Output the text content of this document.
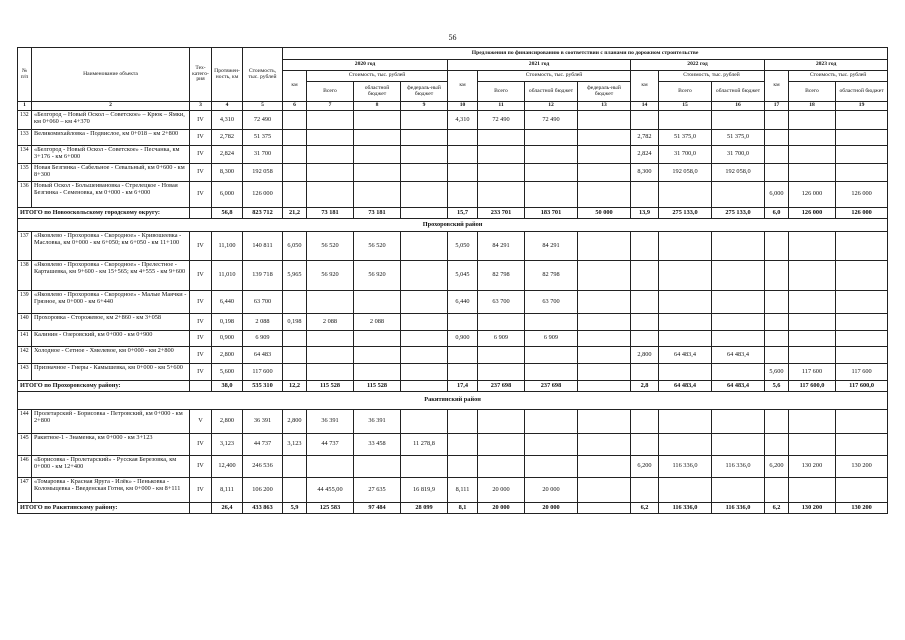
56
№ п/п	Наименование объекта	Тех-катего-рия	Протяжен-ность, км	Стоимость, тыс. рублей	Предложения по финансированию в соответствии с планами по дорожном строительстве													
					2020 год				2021 год				2022 год			2023 год		
					км	Стоимость, тыс. рублей			км	Стоимость, тыс. рублей			км	Стоимость, тыс. рублей		км	Стоимость, тыс. рублей	
						Всего	областной бюджет	федераль-ный бюджет		Всего	областной бюджет	федераль-ный бюджет		Всего	областной бюджет		Всего	областной бюджет
1	2	3	4	5	6	7	8	9	10	11	12	13	14	15	16	17	18	19
132	«Белгород – Новый Оскол – Советское» – Крюк – Ямки, км 0+060 – км 4+370	IV	4,310	72 490					4,310	72 490	72 490							
133	Великомихайловка - Подвислое, км 0+018 – км 2+800	IV	2,782	51 375									2,782	51 375,0	51 375,0			
134	«Белгород - Новый Оскол - Советское» - Песчанка, км 3+176 - км 6+000	IV	2,824	31 700									2,824	31 700,0	31 700,0			
135	Новая Безгинка - Сабельное - Севальный, км 0+600 - км 8+300	IV	8,300	192 058									8,300	192 058,0	192 058,0			
136	Новый Оскол - Большеивановка - Стрелецкое - Новая Безгинка - Семеновка, км 0+000 - км 6+000	IV	6,000	126 000												6,000	126 000	126 000
ИТОГО по Новооскольскому городскому округу:			56,8	823 712	21,2	73 181	73 181		15,7	233 701	183 701	50 000	13,9	275 133,0	275 133,0	6,0	126 000	126 000
Прохоровский район																		
137	«Яковлево - Прохоровка - Скородное» - Кривошеевка - Масловка, км 0+000 - км 6+050; км 6+050 - км 11+100	IV	11,100	140 811	6,050	56 520	56 520		5,050	84 291	84 291							
138	«Яковлево - Прохоровка - Скородное» - Прелестное - Карташевка, км 9+600 - км 15+565; км 4+555 - км 9+600	IV	11,010	139 718	5,965	56 920	56 920		5,045	82 798	82 798							
139	«Яковлево - Прохоровка - Скородное» - Малые Маячки - Грязное, км 0+000 - км 6+440	IV	6,440	63 700					6,440	63 700	63 700							
140	Прохоровка - Сторожевое, км 2+860 - км 3+058	IV	0,198	2 088	0,198	2 088	2 088											
141	Калинин - Озеровский, км 0+000 - км 0+900	IV	0,900	6 909					0,900	6 909	6 909							
142	Холодное - Сетное - Хмелевое, км 0+000 - км 2+800	IV	2,800	64 483									2,800	64 483,4	64 483,4			
143	Призначное - Гнеры - Камышевка, км 0+000 - км 5+600	IV	5,600	117 600												5,600	117 600	117 600
ИТОГО по Прохоровскому району:			38,0	535 310	12,2	115 528	115 528		17,4	237 698	237 698		2,8	64 483,4	64 483,4	5,6	117 600,0	117 600,0
Ракитянский район																		
144	Пролетарский - Борисовка - Петровский, км 0+000 - км 2+800	V	2,800	36 391	2,800	36 391	36 391											
145	Ракитное-1 - Знаменка, км 0+000 - км 3+123	IV	3,123	44 737	3,123	44 737	33 458	11 278,8										
146	«Борисовка - Пролетарский» - Русская Березовка, км 0+000 - км 12+400	IV	12,400	246 536									6,200	116 336,0	116 336,0	6,200	130 200	130 200
147	«Томаровка - Красная Яруга - Илёк» - Пеньковка - Коломыцевка - Введенская Готня, км 0+000 - км 8+111	IV	8,111	106 200		44 455,00	27 635	16 819,9	8,111	20 000	20 000							
ИТОГО по Ракитянскому району:			26,4	433 863	5,9	125 583	97 484	28 099	8,1	20 000	20 000		6,2	116 336,0	116 336,0	6,2	130 200	130 200
